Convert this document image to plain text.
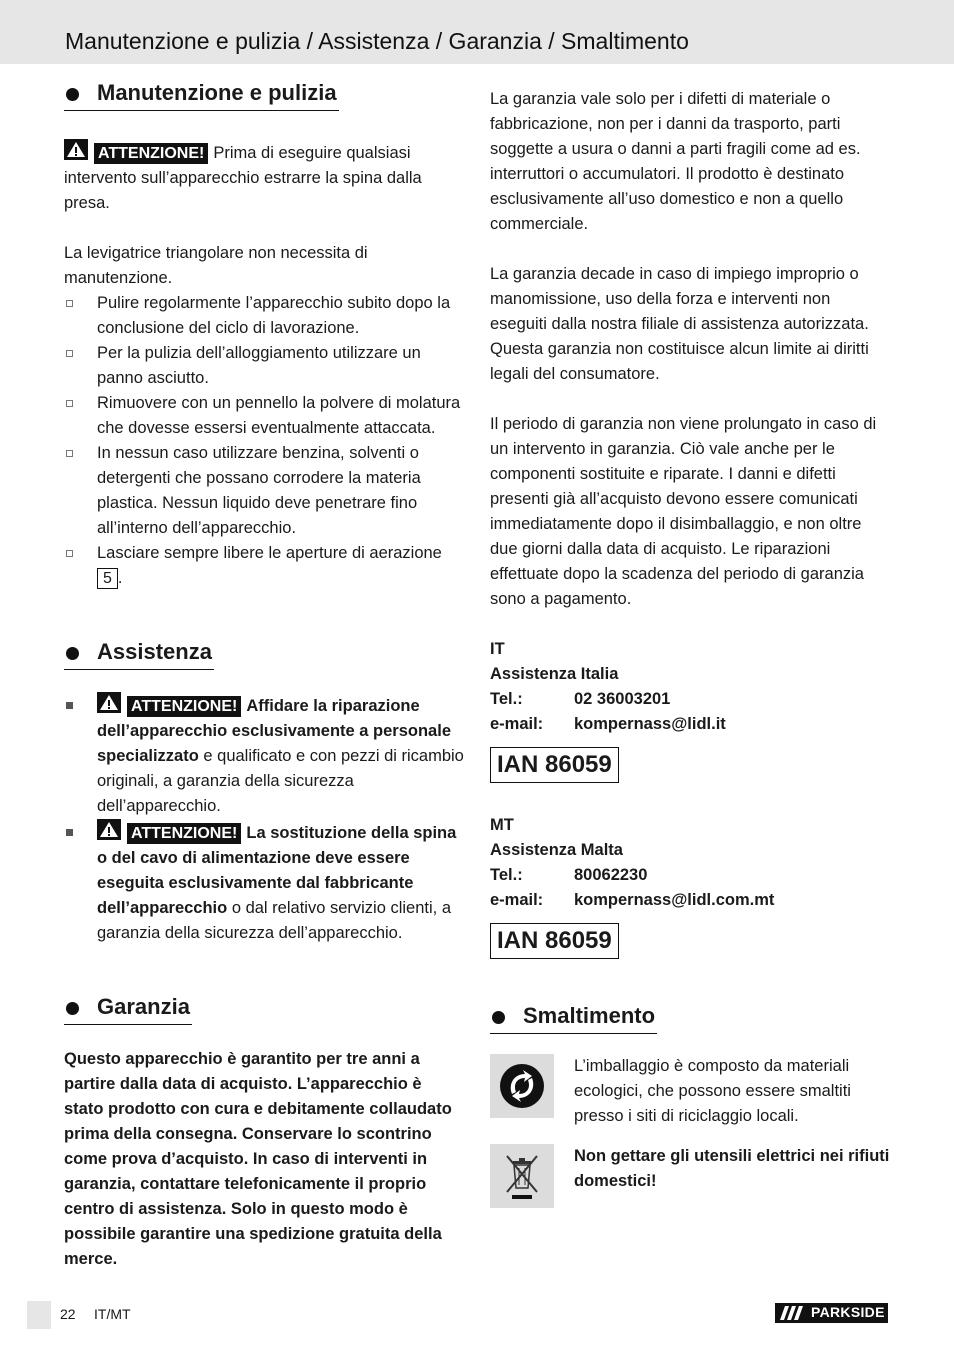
Manutenzione e pulizia / Assistenza / Garanzia / Smaltimento
Manutenzione e pulizia

ATTENZIONE! Prima di eseguire qualsiasi intervento sull’apparecchio estrarre la spina dalla presa.

La levigatrice triangolare non necessita di manutenzione.

Pulire regolarmente l’apparecchio subito dopo la conclusione del ciclo di lavorazione.
Per la pulizia dell’alloggiamento utilizzare un panno asciutto.
Rimuovere con un pennello la polvere di molatura che dovesse essersi eventualmente attaccata.
In nessun caso utilizzare benzina, solventi o detergenti che possano corrodere la materia plastica. Nessun liquido deve penetrare fino all’interno dell’apparecchio.
Lasciare sempre libere le aperture di aerazione 5 .
Assistenza
ATTENZIONE! Affidare la riparazione dell’apparecchio esclusivamente a personale specializzato e qualificato e con pezzi di ricambio originali, a garanzia della sicurezza dell’apparecchio.
ATTENZIONE! La sostituzione della spina o del cavo di alimentazione deve essere eseguita esclusivamente dal fabbricante dell’apparecchio o dal relativo servizio clienti, a garanzia della sicurezza dell’apparecchio.
Garanzia

Questo apparecchio è garantito per tre anni a partire dalla data di acquisto. L’apparecchio è stato prodotto con cura e debitamente collaudato prima della consegna. Conservare lo scontrino come prova d’acquisto. In caso di interventi in garanzia, contattare telefonicamente il proprio centro di assistenza. Solo in questo modo è possibile garantire una spedizione gratuita della merce.

La garanzia vale solo per i difetti di materiale o fabbricazione, non per i danni da trasporto, parti soggette a usura o danni a parti fragili come ad es. interruttori o accumulatori. Il prodotto è destinato esclusivamente all’uso domestico e non a quello commerciale.

La garanzia decade in caso di impiego improprio o manomissione, uso della forza e interventi non eseguiti dalla nostra filiale di assistenza autorizzata. Questa garanzia non costituisce alcun limite ai diritti legali del consumatore.

Il periodo di garanzia non viene prolungato in caso di un intervento in garanzia. Ciò vale anche per le componenti sostituite e riparate. I danni e difetti presenti già all’acquisto devono essere comunicati immediatamente dopo il disimballaggio, e non oltre due giorni dalla data di acquisto. Le riparazioni effettuate dopo la scadenza del periodo di garanzia sono a pagamento.

IT	
Assistenza Italia	
Tel.:	02 36003201
e-mail:	kompernass@lidl.it
IAN 86059
MT	
Assistenza Malta	
Tel.:	80062230
e-mail:	kompernass@lidl.com.mt
IAN 86059
Smaltimento

L’imballaggio è composto da materiali ecologici, che possono essere smaltiti presso i siti di riciclaggio locali.

Non gettare gli utensili elettrici nei rifiuti domestici!

22 IT/MT	PARKSIDE
